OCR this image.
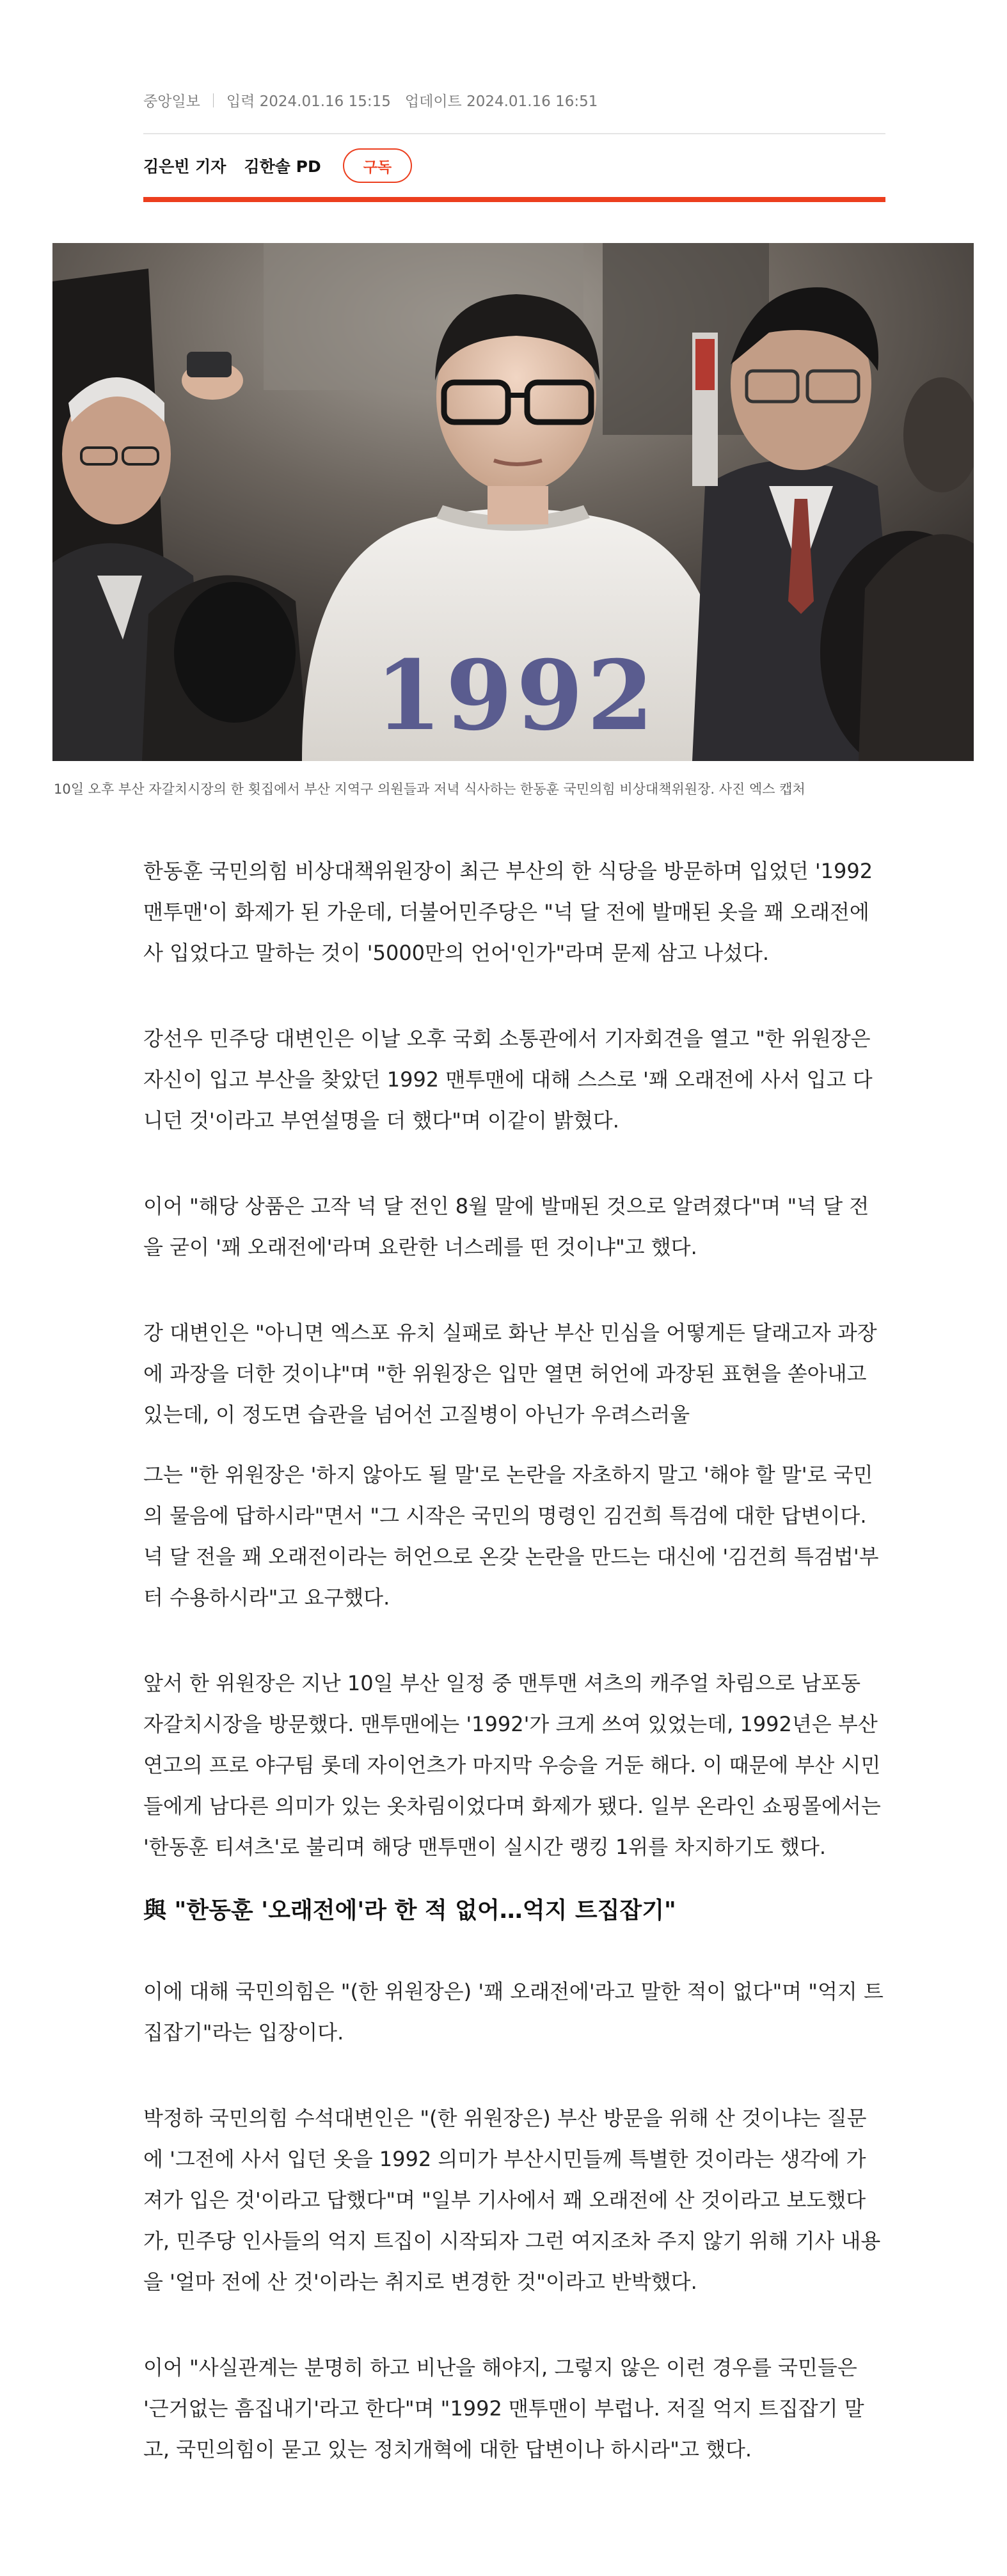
중앙일보 입력 2024.01.16 15:15 업데이트 2024.01.16 16:51
김은빈 기자 김한솔 PD	구독
1992
10일 오후 부산 자갈치시장의 한 횟집에서 부산 지역구 의원들과 저녁 식사하는 한동훈 국민의힘 비상대책위원장. 사진 엑스 캡처

한동훈 국민의힘 비상대책위원장이 최근 부산의 한 식당을 방문하며 입었던 '1992 맨투맨'이 화제가 된 가운데, 더불어민주당은 "넉 달 전에 발매된 옷을 꽤 오래전에 사 입었다고 말하는 것이 '5000만의 언어'인가"라며 문제 삼고 나섰다.

강선우 민주당 대변인은 이날 오후 국회 소통관에서 기자회견을 열고 "한 위원장은 자신이 입고 부산을 찾았던 1992 맨투맨에 대해 스스로 '꽤 오래전에 사서 입고 다니던 것'이라고 부연설명을 더 했다"며 이같이 밝혔다.

이어 "해당 상품은 고작 넉 달 전인 8월 말에 발매된 것으로 알려졌다"며 "넉 달 전을 굳이 '꽤 오래전에'라며 요란한 너스레를 떤 것이냐"고 했다.

강 대변인은 "아니면 엑스포 유치 실패로 화난 부산 민심을 어떻게든 달래고자 과장에 과장을 더한 것이냐"며 "한 위원장은 입만 열면 허언에 과장된 표현을 쏟아내고 있는데, 이 정도면 습관을 넘어선 고질병이 아닌가 우려스러울

그는 "한 위원장은 '하지 않아도 될 말'로 논란을 자초하지 말고 '해야 할 말'로 국민의 물음에 답하시라"면서 "그 시작은 국민의 명령인 김건희 특검에 대한 답변이다. 넉 달 전을 꽤 오래전이라는 허언으로 온갖 논란을 만드는 대신에 '김건희 특검법'부터 수용하시라"고 요구했다.

앞서 한 위원장은 지난 10일 부산 일정 중 맨투맨 셔츠의 캐주얼 차림으로 남포동 자갈치시장을 방문했다. 맨투맨에는 '1992'가 크게 쓰여 있었는데, 1992년은 부산 연고의 프로 야구팀 롯데 자이언츠가 마지막 우승을 거둔 해다. 이 때문에 부산 시민들에게 남다른 의미가 있는 옷차림이었다며 화제가 됐다. 일부 온라인 쇼핑몰에서는 '한동훈 티셔츠'로 불리며 해당 맨투맨이 실시간 랭킹 1위를 차지하기도 했다.

與 "한동훈 '오래전에'라 한 적 없어…억지 트집잡기"

이에 대해 국민의힘은 "(한 위원장은) '꽤 오래전에'라고 말한 적이 없다"며 "억지 트집잡기"라는 입장이다.

박정하 국민의힘 수석대변인은 "(한 위원장은) 부산 방문을 위해 산 것이냐는 질문에 '그전에 사서 입던 옷을 1992 의미가 부산시민들께 특별한 것이라는 생각에 가져가 입은 것'이라고 답했다"며 "일부 기사에서 꽤 오래전에 산 것이라고 보도했다가, 민주당 인사들의 억지 트집이 시작되자 그런 여지조차 주지 않기 위해 기사 내용을 '얼마 전에 산 것'이라는 취지로 변경한 것"이라고 반박했다.

이어 "사실관계는 분명히 하고 비난을 해야지, 그렇지 않은 이런 경우를 국민들은 '근거없는 흠집내기'라고 한다"며 "1992 맨투맨이 부럽나. 저질 억지 트집잡기 말고, 국민의힘이 묻고 있는 정치개혁에 대한 답변이나 하시라"고 했다.
